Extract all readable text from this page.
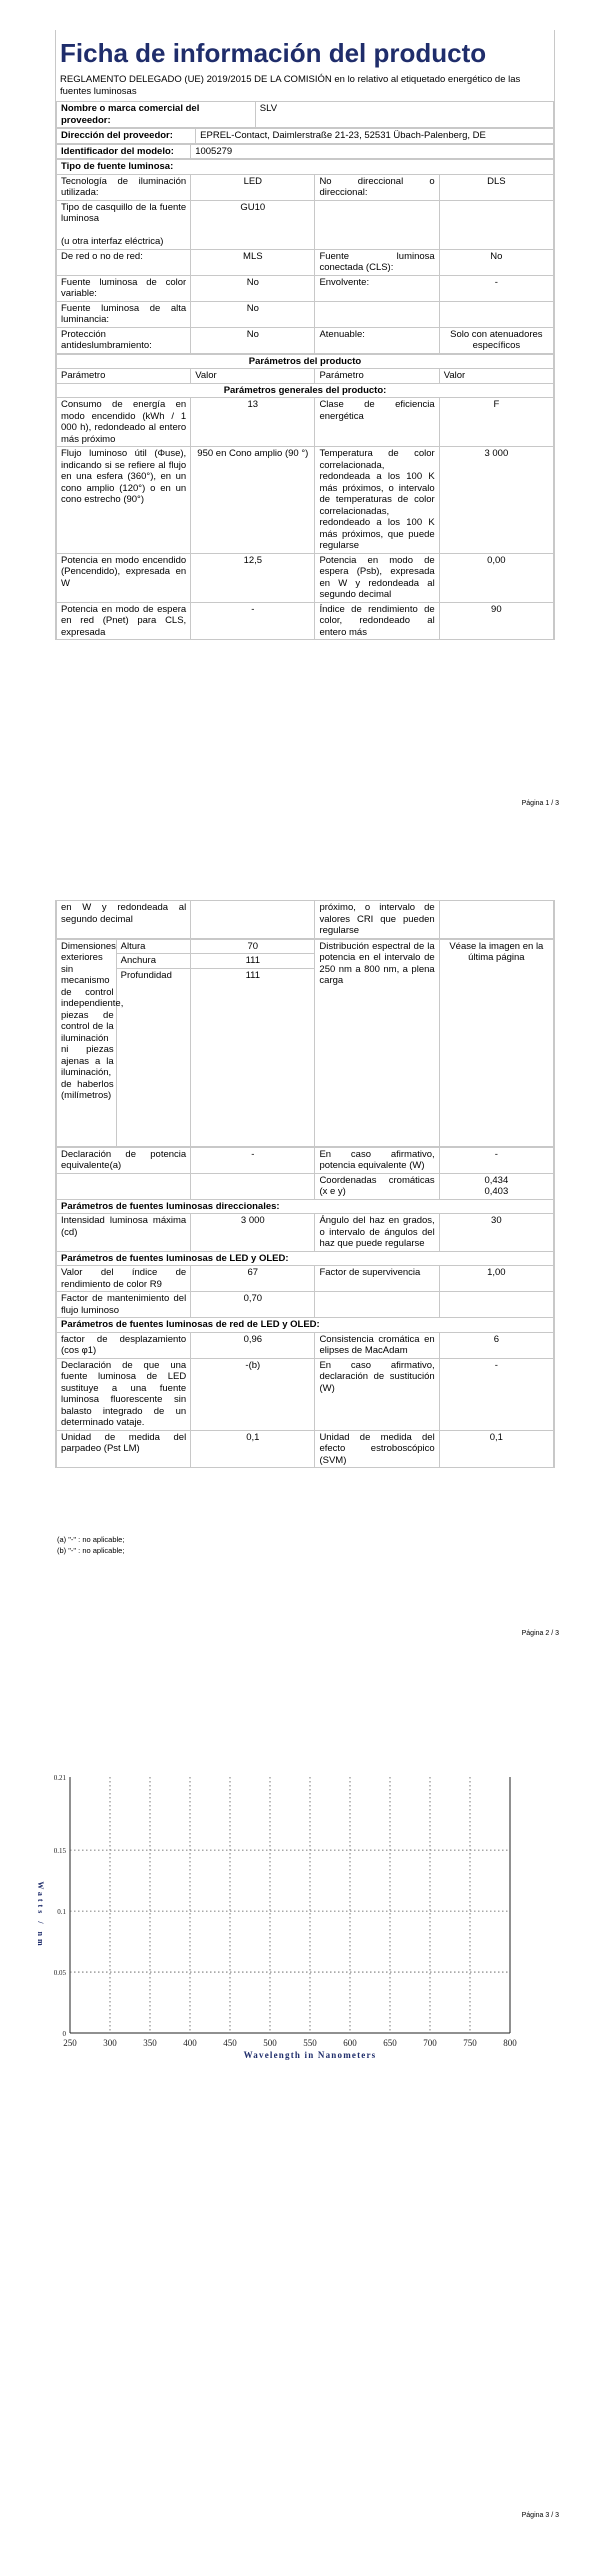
Ficha de información del producto
REGLAMENTO DELEGADO (UE) 2019/2015 DE LA COMISIÓN en lo relativo al etiquetado energético de las fuentes luminosas
Nombre o marca comercial del proveedor:	SLV
Dirección del proveedor:	EPREL-Contact, Daimlerstraße 21-23, 52531 Übach-Palenberg, DE
Identificador del modelo:	1005279
Tipo de fuente luminosa:			
Tecnología de iluminación utilizada:	LED	No direccional o direccional:	DLS
Tipo de casquillo de la fuente luminosa

(u otra interfaz eléctrica)	GU10		
De red o no de red:	MLS	Fuente luminosa conectada (CLS):	No
Fuente luminosa de color variable:	No	Envolvente:	-
Fuente luminosa de alta luminancia:	No		
Protección antideslumbramiento:	No	Atenuable:	Solo con atenuadores específicos
Parámetros del producto			
Parámetro	Valor	Parámetro	Valor
Parámetros generales del producto:			
Consumo de energía en modo encendido (kWh / 1 000 h), redondeado al entero más próximo	13	Clase de eficiencia energética	F
Flujo luminoso útil (Φuse), indicando si se refiere al flujo en una esfera (360°), en un cono amplio (120°) o en un cono estrecho (90°)	950 en Cono amplio (90 °)	Temperatura de color correlacionada, redondeada a los 100 K más próximos, o intervalo de temperaturas de color correlacionadas, redondeado a los 100 K más próximos, que puede regularse	3 000
Potencia en modo encendido (Pencendido), expresada en W	12,5	Potencia en modo de espera (Psb), expresada en W y redondeada al segundo decimal	0,00
Potencia en modo de espera en red (Pnet) para CLS, expresada	-	Índice de rendimiento de color, redondeado al entero más	90
Página 1 / 3
en W y redondeada al segundo decimal		próximo, o intervalo de valores CRI que pueden regularse	
Dimensiones exteriores sin mecanismo de control independiente, piezas de control de la iluminación ni piezas ajenas a la iluminación, de haberlos (milímetros)	Altura	70	Distribución espectral de la potencia en el intervalo de 250 nm a 800 nm, a plena carga	Véase la imagen en la última página
	Anchura	111		
	Profundidad	111		
Declaración de potencia equivalente(a)	-	En caso afirmativo, potencia equivalente (W)	-
		Coordenadas cromáticas (x e y)	0,434
0,403
Parámetros de fuentes luminosas direccionales:			
Intensidad luminosa máxima (cd)	3 000	Ángulo del haz en grados, o intervalo de ángulos del haz que puede regularse	30
Parámetros de fuentes luminosas de LED y OLED:			
Valor del índice de rendimiento de color R9	67	Factor de supervivencia	1,00
Factor de mantenimiento del flujo luminoso	0,70		
Parámetros de fuentes luminosas de red de LED y OLED:			
factor de desplazamiento (cos φ1)	0,96	Consistencia cromática en elipses de MacAdam	6
Declaración de que una fuente luminosa de LED sustituye a una fuente luminosa fluorescente sin balasto integrado de un determinado vataje.	-(b)	En caso afirmativo, declaración de sustitución (W)	-
Unidad de medida del parpadeo (Pst LM)	0,1	Unidad de medida del efecto estroboscópico (SVM)	0,1
(a) "-" : no aplicable;
(b) "-" : no aplicable;
Página 2 / 3
0
0.05
0.1
0.15
0.21
250	300	350	400	450	500	550	600	650	700	750	800
Wavelength in Nanometers
Watts / nm
Página 3 / 3
